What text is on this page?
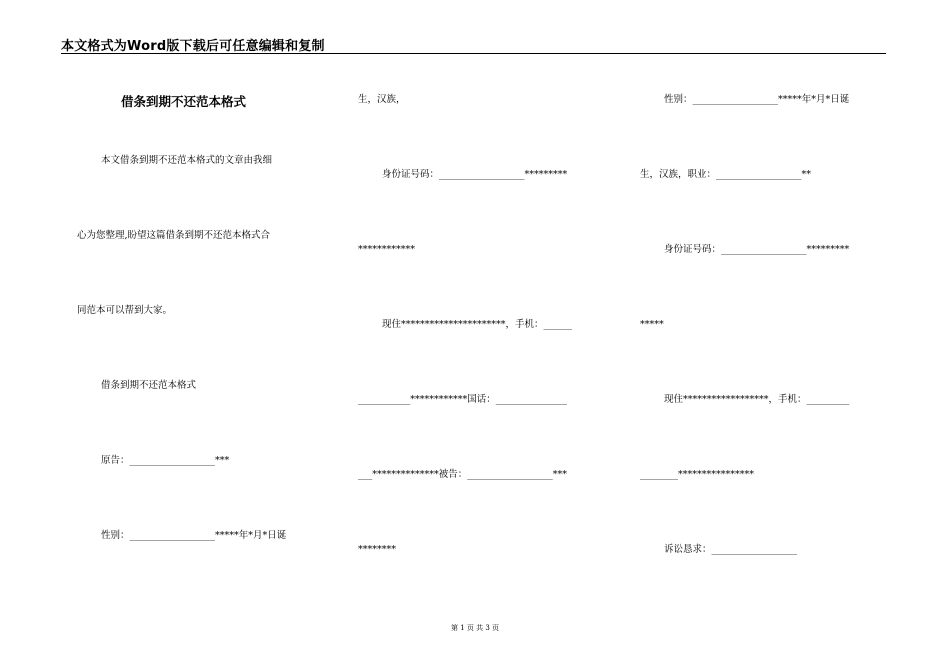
本文格式为Word版下载后可任意编辑和复制
借条到期不还范本格式
本文借条到期不还范本格式的文章由我细
心为您整理,盼望这篇借条到期不还范本格式合
同范本可以帮到大家。
借条到期不还范本格式
原告：__________________***
性别：__________________*****年*月*日诞
生，汉族，
身份证号码：__________________*********
************
现住**********************，手机：______
___________************国话：_______________
___**************被告：__________________***
********
性别：__________________*****年*月*日诞
生，汉族，职业：__________________**
身份证号码：__________________*********
*****
现住******************，手机：_________
________****************
诉讼恳求：__________________
第 1 页 共 3 页
